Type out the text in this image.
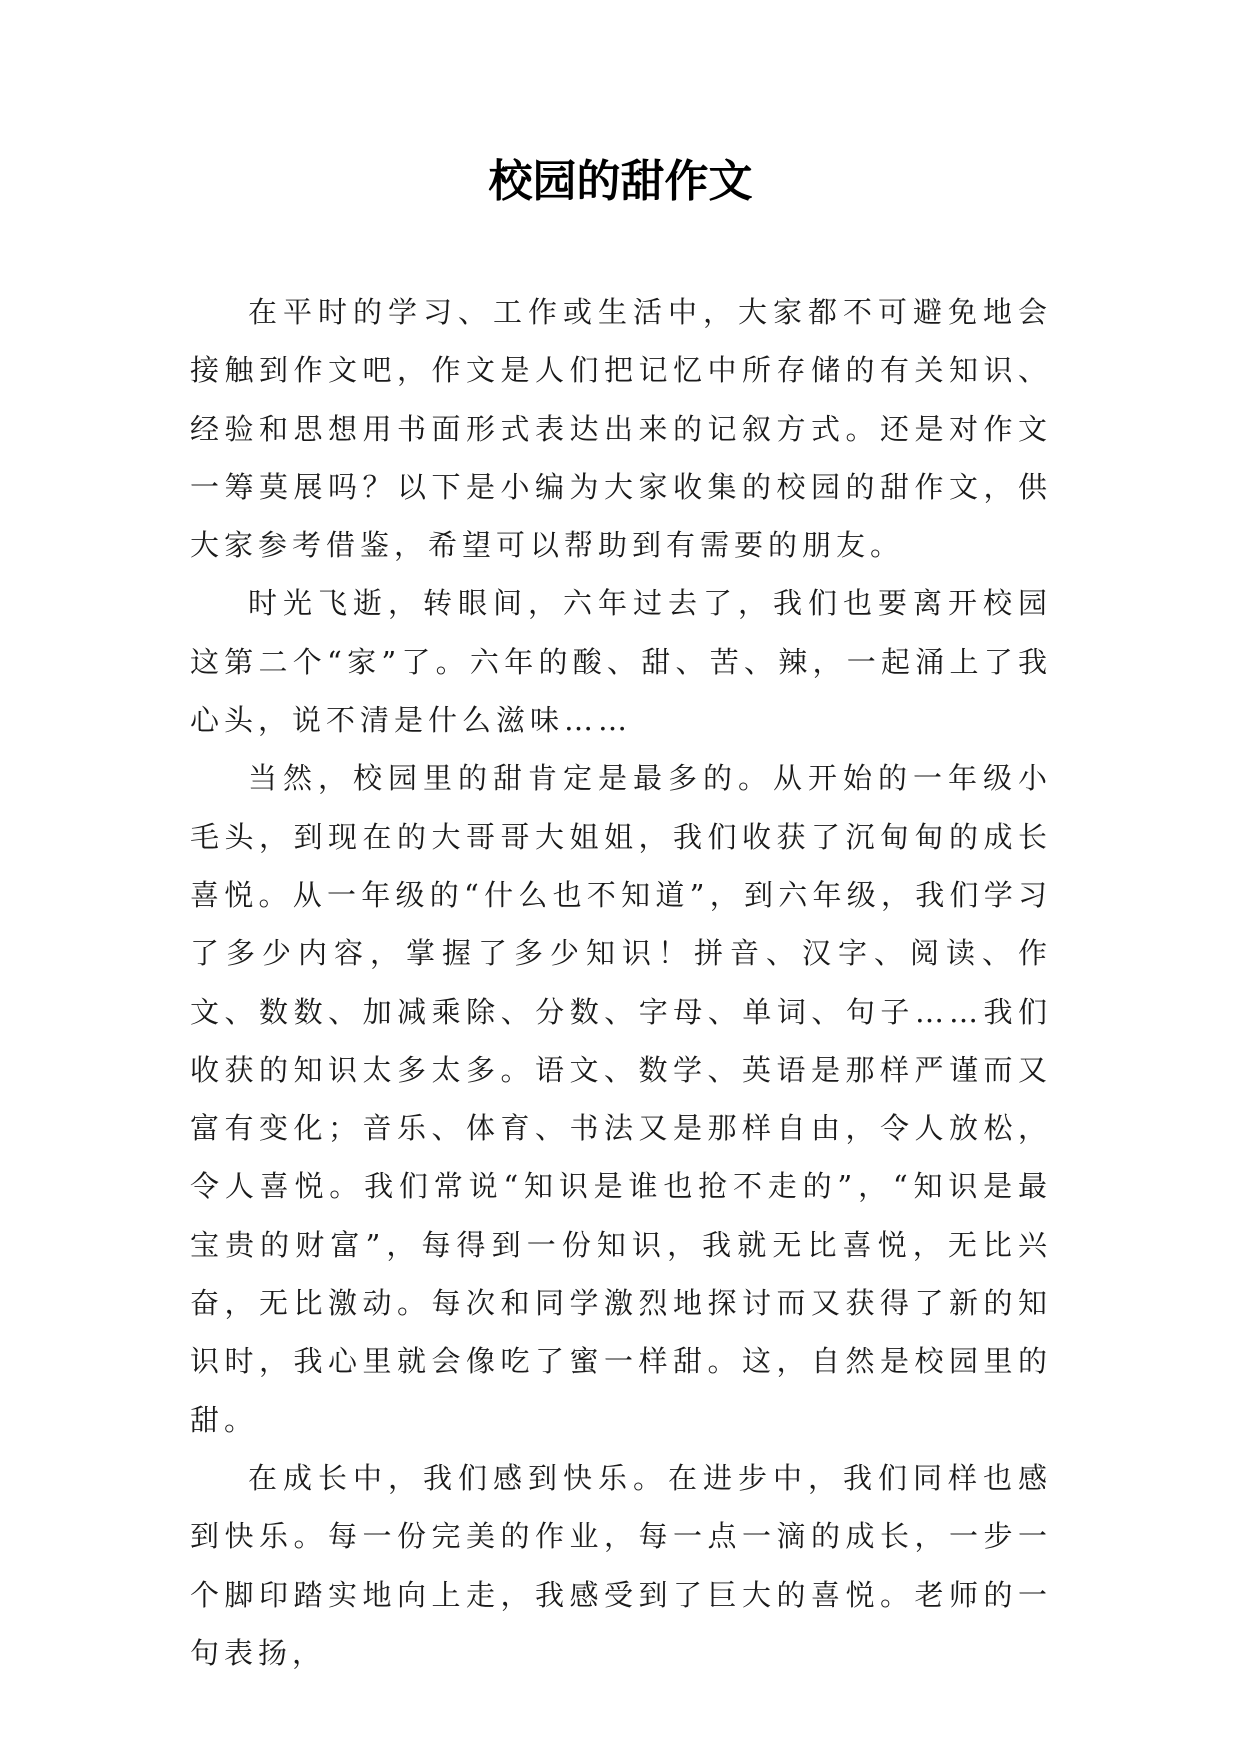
校园的甜作文

在平时的学习、工作或生活中，大家都不可避免地会接触到作文吧，作文是人们把记忆中所存储的有关知识、经验和思想用书面形式表达出来的记叙方式。还是对作文一筹莫展吗？以下是小编为大家收集的校园的甜作文，供大家参考借鉴，希望可以帮助到有需要的朋友。

时光飞逝，转眼间，六年过去了，我们也要离开校园这第二个“家”了。六年的酸、甜、苦、辣，一起涌上了我心头，说不清是什么滋味……

当然，校园里的甜肯定是最多的。从开始的一年级小毛头，到现在的大哥哥大姐姐，我们收获了沉甸甸的成长喜悦。从一年级的“什么也不知道”，到六年级，我们学习了多少内容，掌握了多少知识！拼音、汉字、阅读、作文、数数、加减乘除、分数、字母、单词、句子……我们收获的知识太多太多。语文、数学、英语是那样严谨而又富有变化；音乐、体育、书法又是那样自由，令人放松，令人喜悦。我们常说“知识是谁也抢不走的”，“知识是最宝贵的财富”，每得到一份知识，我就无比喜悦，无比兴奋，无比激动。每次和同学激烈地探讨而又获得了新的知识时，我心里就会像吃了蜜一样甜。这，自然是校园里的甜。

在成长中，我们感到快乐。在进步中，我们同样也感到快乐。每一份完美的作业，每一点一滴的成长，一步一个脚印踏实地向上走，我感受到了巨大的喜悦。老师的一句表扬，
